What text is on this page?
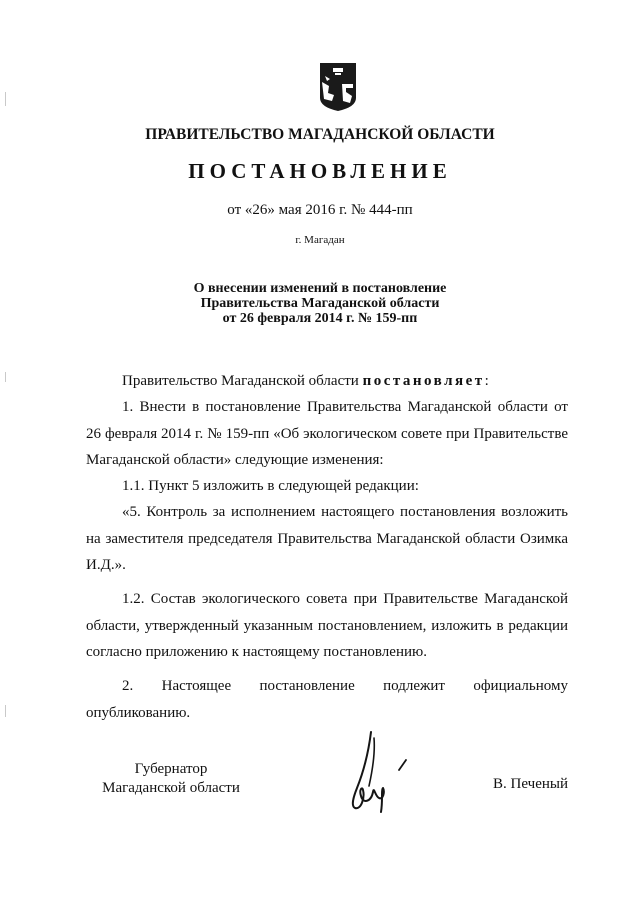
ПРАВИТЕЛЬСТВО МАГАДАНСКОЙ ОБЛАСТИ
ПОСТАНОВЛЕНИЕ
от «26» мая 2016 г. № 444-пп
г. Магадан
О внесении изменений в постановление
Правительства Магаданской области
от 26 февраля 2014 г. № 159-пп

Правительство Магаданской области постановляет:

1. Внести в постановление Правительства Магаданской области от 26 февраля 2014 г. № 159-пп «Об экологическом совете при Правительстве Магаданской области» следующие изменения:

1.1. Пункт 5 изложить в следующей редакции:

«5. Контроль за исполнением настоящего постановления возложить на заместителя председателя Правительства Магаданской области Озимка И.Д.».

1.2. Состав экологического совета при Правительстве Магаданской области, утвержденный указанным постановлением, изложить в редакции согласно приложению к настоящему постановлению.

2. Настоящее постановление подлежит официальному опубликованию.

Губернатор
Магаданской области	В. Печеный
